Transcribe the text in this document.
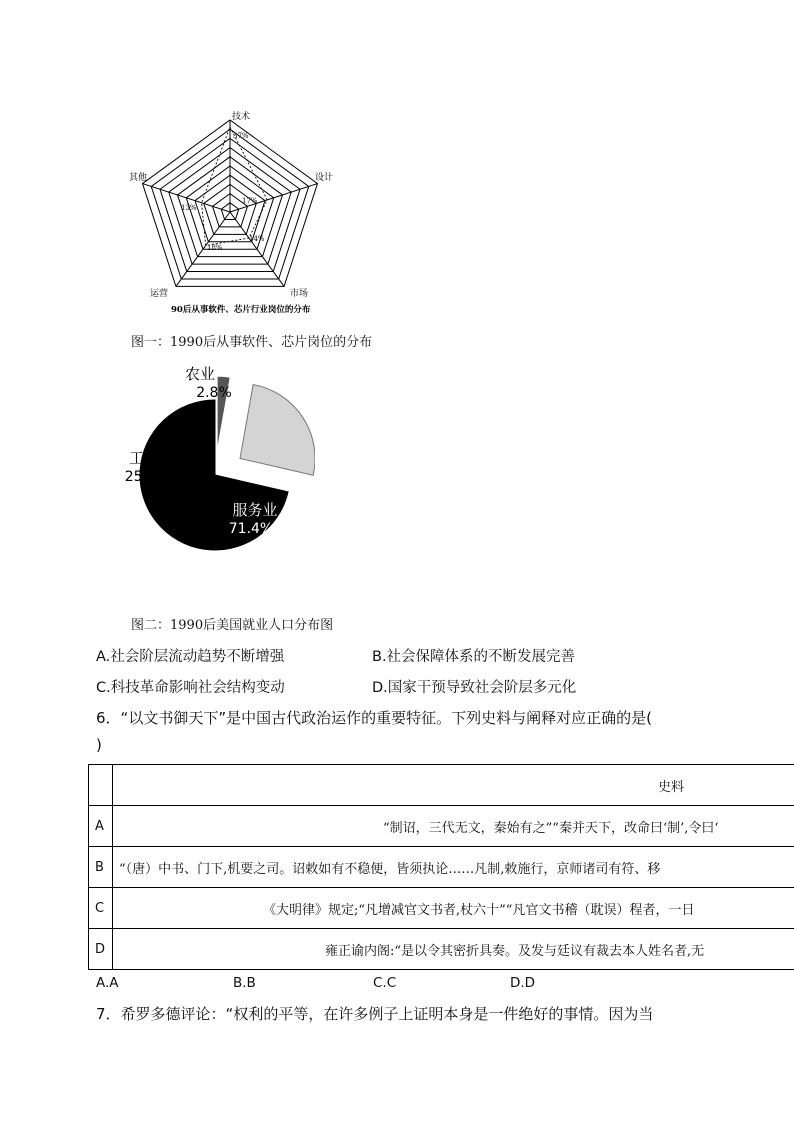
技术
设计
市场
运营
其他
37%
17%
14%
18%
13%
90后从事软件、芯片行业岗位的分布
图一：1990后从事软件、芯片岗位的分布
农业
2.8%
工业
25.8%
服务业
71.4%
图二：1990后美国就业人口分布图
A.社会阶层流动趋势不断增强	B.社会保障体系的不断发展完善
C.科技革命影响社会结构变动	D.国家干预导致社会阶层多元化
6．“以文书御天下”是中国古代政治运作的重要特征。下列史料与阐释对应正确的是(
)
	史料
A	“制诏，三代无文，秦始有之”“秦并天下，改命曰‘制’,令曰‘
B	“（唐）中书、门下,机要之司。诏敕如有不稳便，皆须执论……凡制,敕施行，京师诸司有符、移
C	《大明律》规定;“凡增减官文书者,杖六十”“凡官文书稽（耽误）程者，一日
D	雍正谕内阁:“是以令其密折具奏。及发与廷议有裁去本人姓名者,无
A.A	B.B	C.C	D.D
7．希罗多德评论：“权利的平等，在许多例子上证明本身是一件绝好的事情。因为当
